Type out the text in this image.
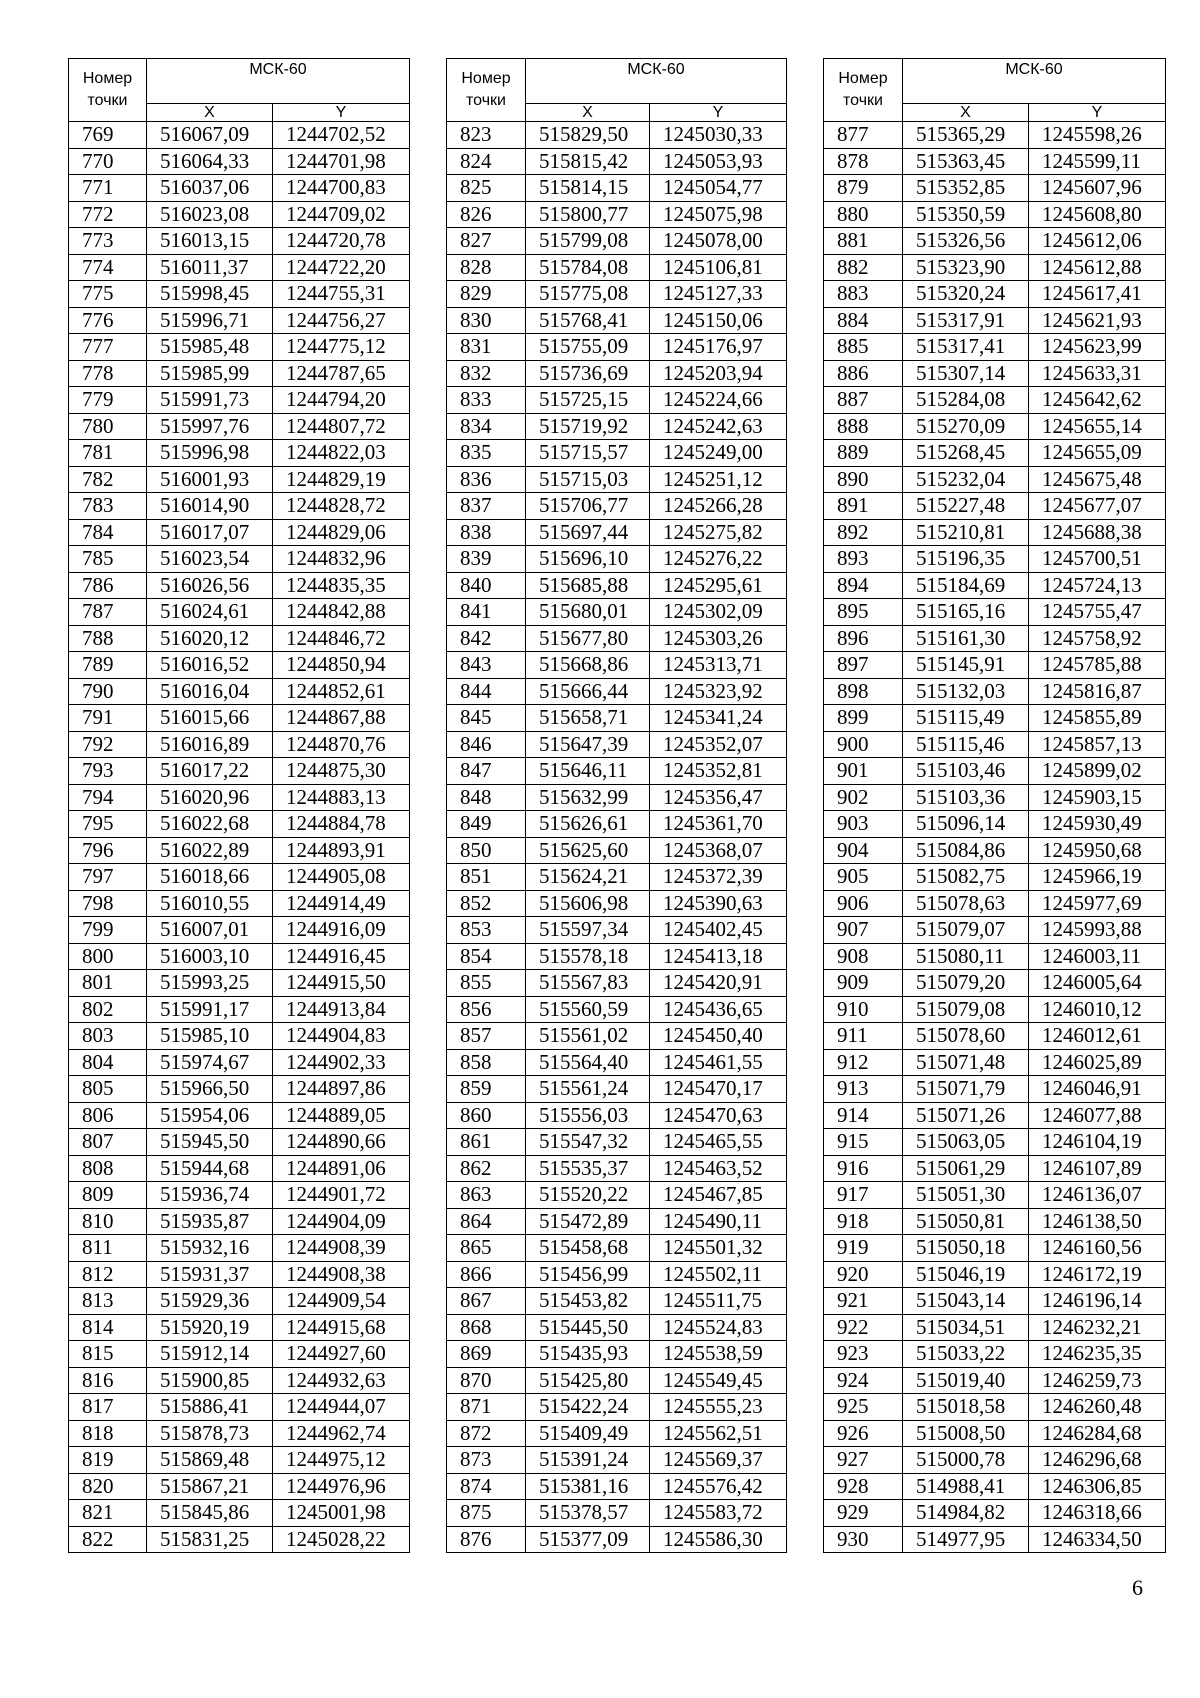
Номер точки	МСК-60	
	X	Y
769	516067,09	1244702,52
770	516064,33	1244701,98
771	516037,06	1244700,83
772	516023,08	1244709,02
773	516013,15	1244720,78
774	516011,37	1244722,20
775	515998,45	1244755,31
776	515996,71	1244756,27
777	515985,48	1244775,12
778	515985,99	1244787,65
779	515991,73	1244794,20
780	515997,76	1244807,72
781	515996,98	1244822,03
782	516001,93	1244829,19
783	516014,90	1244828,72
784	516017,07	1244829,06
785	516023,54	1244832,96
786	516026,56	1244835,35
787	516024,61	1244842,88
788	516020,12	1244846,72
789	516016,52	1244850,94
790	516016,04	1244852,61
791	516015,66	1244867,88
792	516016,89	1244870,76
793	516017,22	1244875,30
794	516020,96	1244883,13
795	516022,68	1244884,78
796	516022,89	1244893,91
797	516018,66	1244905,08
798	516010,55	1244914,49
799	516007,01	1244916,09
800	516003,10	1244916,45
801	515993,25	1244915,50
802	515991,17	1244913,84
803	515985,10	1244904,83
804	515974,67	1244902,33
805	515966,50	1244897,86
806	515954,06	1244889,05
807	515945,50	1244890,66
808	515944,68	1244891,06
809	515936,74	1244901,72
810	515935,87	1244904,09
811	515932,16	1244908,39
812	515931,37	1244908,38
813	515929,36	1244909,54
814	515920,19	1244915,68
815	515912,14	1244927,60
816	515900,85	1244932,63
817	515886,41	1244944,07
818	515878,73	1244962,74
819	515869,48	1244975,12
820	515867,21	1244976,96
821	515845,86	1245001,98
822	515831,25	1245028,22
Номер точки	МСК-60	
	X	Y
823	515829,50	1245030,33
824	515815,42	1245053,93
825	515814,15	1245054,77
826	515800,77	1245075,98
827	515799,08	1245078,00
828	515784,08	1245106,81
829	515775,08	1245127,33
830	515768,41	1245150,06
831	515755,09	1245176,97
832	515736,69	1245203,94
833	515725,15	1245224,66
834	515719,92	1245242,63
835	515715,57	1245249,00
836	515715,03	1245251,12
837	515706,77	1245266,28
838	515697,44	1245275,82
839	515696,10	1245276,22
840	515685,88	1245295,61
841	515680,01	1245302,09
842	515677,80	1245303,26
843	515668,86	1245313,71
844	515666,44	1245323,92
845	515658,71	1245341,24
846	515647,39	1245352,07
847	515646,11	1245352,81
848	515632,99	1245356,47
849	515626,61	1245361,70
850	515625,60	1245368,07
851	515624,21	1245372,39
852	515606,98	1245390,63
853	515597,34	1245402,45
854	515578,18	1245413,18
855	515567,83	1245420,91
856	515560,59	1245436,65
857	515561,02	1245450,40
858	515564,40	1245461,55
859	515561,24	1245470,17
860	515556,03	1245470,63
861	515547,32	1245465,55
862	515535,37	1245463,52
863	515520,22	1245467,85
864	515472,89	1245490,11
865	515458,68	1245501,32
866	515456,99	1245502,11
867	515453,82	1245511,75
868	515445,50	1245524,83
869	515435,93	1245538,59
870	515425,80	1245549,45
871	515422,24	1245555,23
872	515409,49	1245562,51
873	515391,24	1245569,37
874	515381,16	1245576,42
875	515378,57	1245583,72
876	515377,09	1245586,30
Номер точки	МСК-60	
	X	Y
877	515365,29	1245598,26
878	515363,45	1245599,11
879	515352,85	1245607,96
880	515350,59	1245608,80
881	515326,56	1245612,06
882	515323,90	1245612,88
883	515320,24	1245617,41
884	515317,91	1245621,93
885	515317,41	1245623,99
886	515307,14	1245633,31
887	515284,08	1245642,62
888	515270,09	1245655,14
889	515268,45	1245655,09
890	515232,04	1245675,48
891	515227,48	1245677,07
892	515210,81	1245688,38
893	515196,35	1245700,51
894	515184,69	1245724,13
895	515165,16	1245755,47
896	515161,30	1245758,92
897	515145,91	1245785,88
898	515132,03	1245816,87
899	515115,49	1245855,89
900	515115,46	1245857,13
901	515103,46	1245899,02
902	515103,36	1245903,15
903	515096,14	1245930,49
904	515084,86	1245950,68
905	515082,75	1245966,19
906	515078,63	1245977,69
907	515079,07	1245993,88
908	515080,11	1246003,11
909	515079,20	1246005,64
910	515079,08	1246010,12
911	515078,60	1246012,61
912	515071,48	1246025,89
913	515071,79	1246046,91
914	515071,26	1246077,88
915	515063,05	1246104,19
916	515061,29	1246107,89
917	515051,30	1246136,07
918	515050,81	1246138,50
919	515050,18	1246160,56
920	515046,19	1246172,19
921	515043,14	1246196,14
922	515034,51	1246232,21
923	515033,22	1246235,35
924	515019,40	1246259,73
925	515018,58	1246260,48
926	515008,50	1246284,68
927	515000,78	1246296,68
928	514988,41	1246306,85
929	514984,82	1246318,66
930	514977,95	1246334,50
6
